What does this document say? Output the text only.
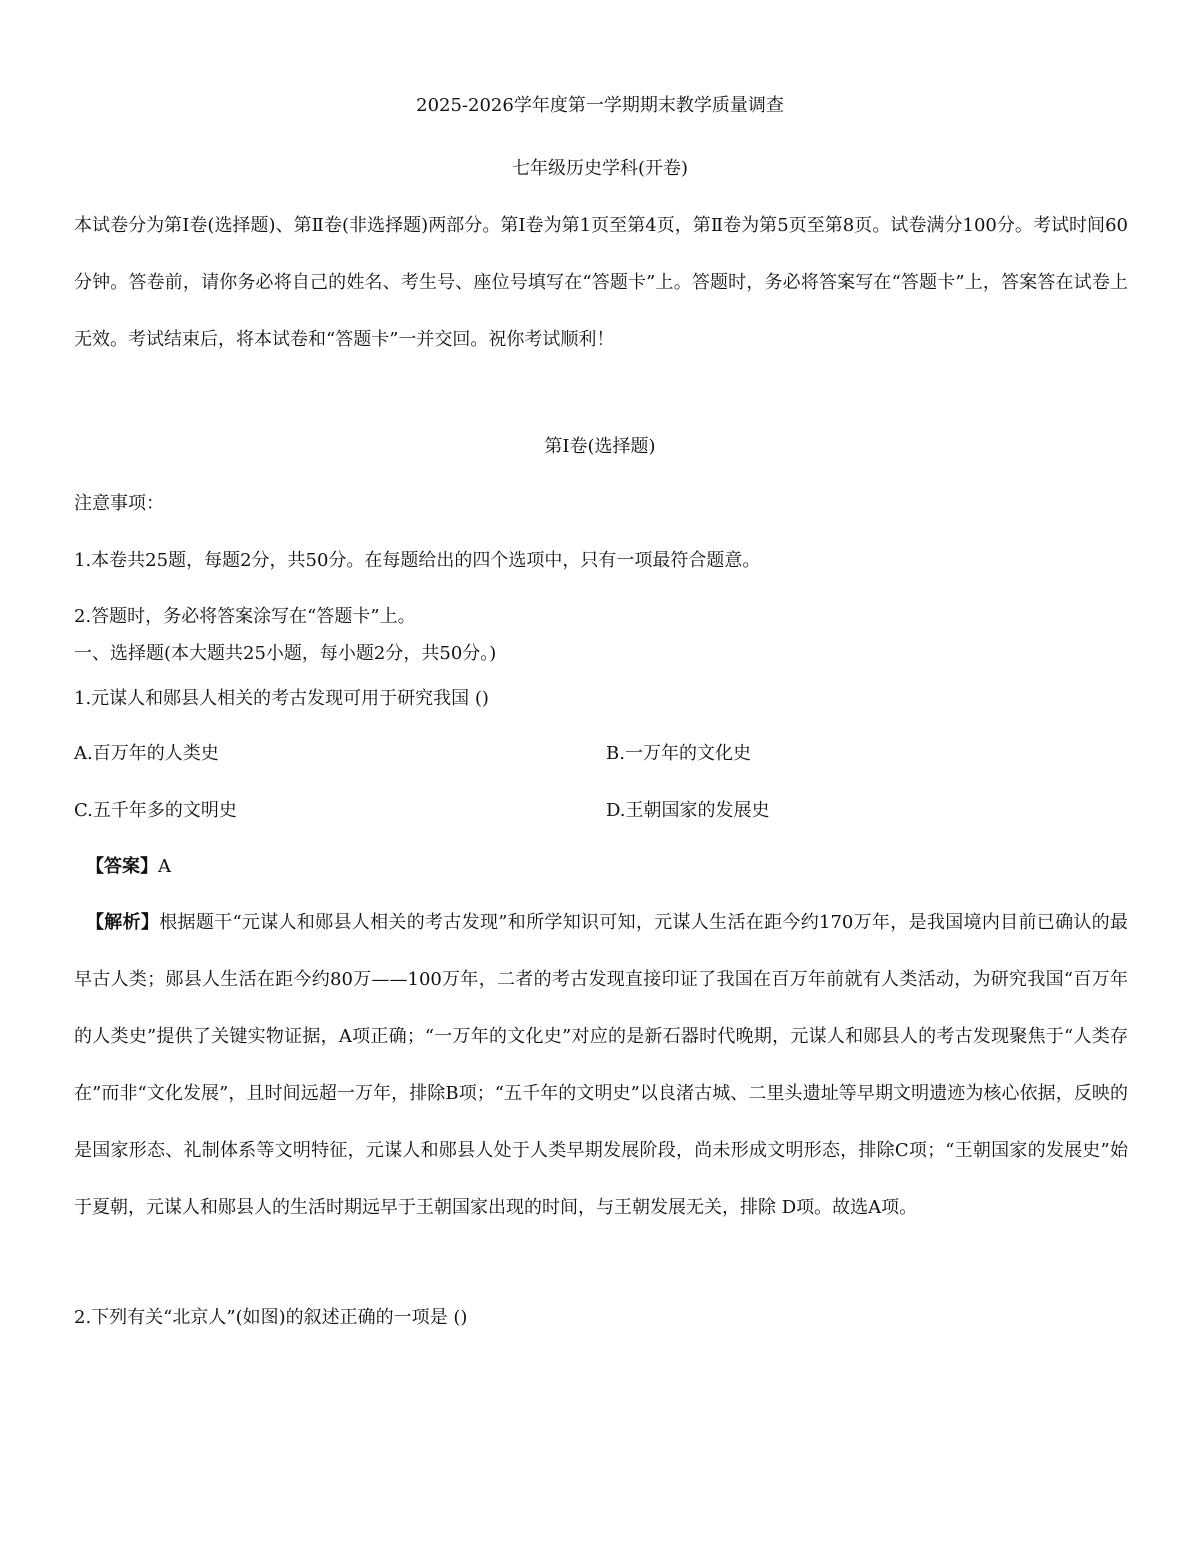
2025-2026学年度第一学期期末教学质量调查
七年级历史学科(开卷)

本试卷分为第Ⅰ卷(选择题)、第Ⅱ卷(非选择题)两部分。第Ⅰ卷为第1页至第4页，第Ⅱ卷为第5页至第8页。试卷满分100分。考试时间60分钟。答卷前，请你务必将自己的姓名、考生号、座位号填写在“答题卡”上。答题时，务必将答案写在“答题卡”上，答案答在试卷上无效。考试结束后，将本试卷和“答题卡”一并交回。祝你考试顺利！

第Ⅰ卷(选择题)
注意事项：
1.本卷共25题，每题2分，共50分。在每题给出的四个选项中，只有一项最符合题意。
2.答题时，务必将答案涂写在“答题卡”上。
一、选择题(本大题共25小题，每小题2分，共50分。)
1.元谋人和郧县人相关的考古发现可用于研究我国 ()
A.百万年的人类史	B.一万年的文化史
C.五千年多的文明史	D.王朝国家的发展史
【答案】A

【解析】根据题干“元谋人和郧县人相关的考古发现”和所学知识可知，元谋人生活在距今约170万年，是我国境内目前已确认的最早古人类；郧县人生活在距今约80万——100万年，二者的考古发现直接印证了我国在百万年前就有人类活动，为研究我国“百万年的人类史”提供了关键实物证据，A项正确；“一万年的文化史”对应的是新石器时代晚期，元谋人和郧县人的考古发现聚焦于“人类存在”而非“文化发展”，且时间远超一万年，排除B项；“五千年的文明史”以良渚古城、二里头遗址等早期文明遗迹为核心依据，反映的是国家形态、礼制体系等文明特征，元谋人和郧县人处于人类早期发展阶段，尚未形成文明形态，排除C项；“王朝国家的发展史”始于夏朝，元谋人和郧县人的生活时期远早于王朝国家出现的时间，与王朝发展无关，排除 D项。故选A项。

2.下列有关“北京人”(如图)的叙述正确的一项是 ()
